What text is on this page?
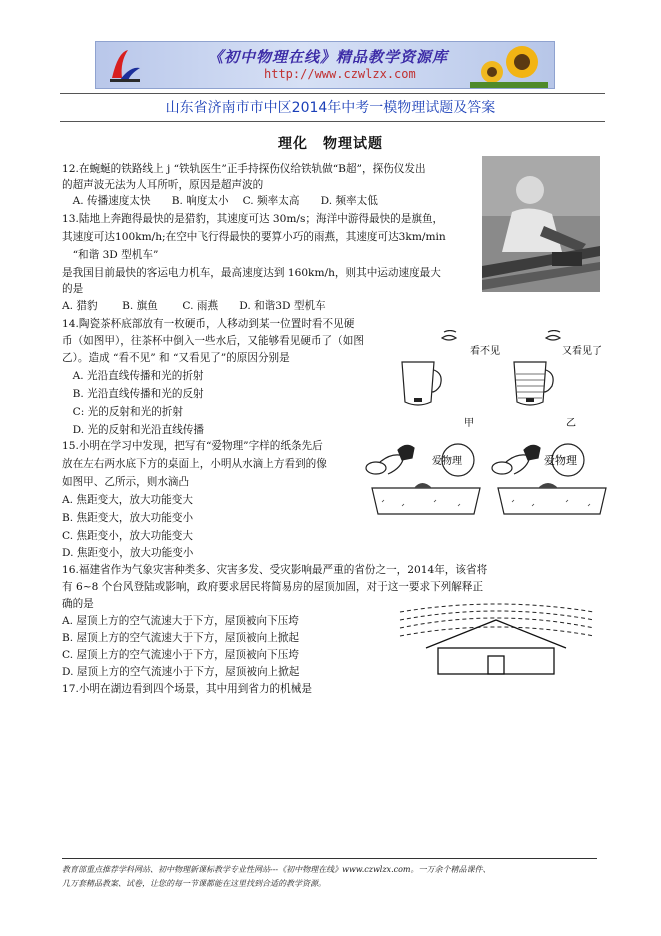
《初中物理在线》精品教学资源库
http://www.czwlzx.com
山东省济南市市中区2014年中考一模物理试题及答案
理化　物理试题
12.在蜿蜒的铁路线上 j “铁轨医生”正手持探伤仪给铁轨做“B超”，探伤仪发出
的超声波无法为人耳所听，原因是超声波的
　A. 传播速度太快　　B. 响度太小　 C. 频率太高　　D. 频率太低
13.陆地上奔跑得最快的是猎豹，其速度可达 30m/s；海洋中游得最快的是旗鱼，
其速度可达100km/h;在空中飞行得最快的要算小巧的雨燕，其速度可达3km/min
　“和谐 3D 型机车”
是我国目前最快的客运电力机车，最高速度达到 160km/h，则其中运动速度最大
的是
A. 猎豹　　 B. 旗鱼　　 C. 雨燕　　D. 和谐3D 型机车
14.陶瓷茶杯底部放有一枚硬币，人移动到某一位置时看不见硬
币（如图甲），往茶杯中倒入一些水后，又能够看见硬币了（如图
乙）。造成 “看不见” 和 “又看见了”的原因分别是
　A. 光沿直线传播和光的折射
　B. 光沿直线传播和光的反射
　C: 光的反射和光的折射
　D. 光的反射和光沿直线传播
15.小明在学习中发现，把写有“爱物理”字样的纸条先后
放在左右两水底下方的桌面上，小明从水滴上方看到的像
如图甲、乙所示，则水滴凸
A. 焦距变大，放大功能变大
B. 焦距变大，放大功能变小
C. 焦距变小，放大功能变大
D. 焦距变小，放大功能变小
16.福建省作为气象灾害种类多、灾害多发、受灾影响最严重的省份之一，2014年，该省将
有 6~8 个台风登陆或影响，政府要求居民将简易房的屋顶加固，对于这一要求下列解释正
确的是
A. 屋顶上方的空气流速大于下方，屋顶被向下压垮
B. 屋顶上方的空气流速大于下方，屋顶被向上掀起
C. 屋顶上方的空气流速小于下方，屋顶被向下压垮
D. 屋顶上方的空气流速小于下方，屋顶被向上掀起
17.小明在湖边看到四个场景，其中用到省力的机械是
看不见	又看见了
甲	乙
爱物理	爱物理
教育部重点推荐学科网站、初中物理新课标教学专业性网站---《初中物理在线》www.czwlzx.com。一万余个精品课件、
几万套精品教案、试卷，让您的每一节课都能在这里找到合适的教学资源。
